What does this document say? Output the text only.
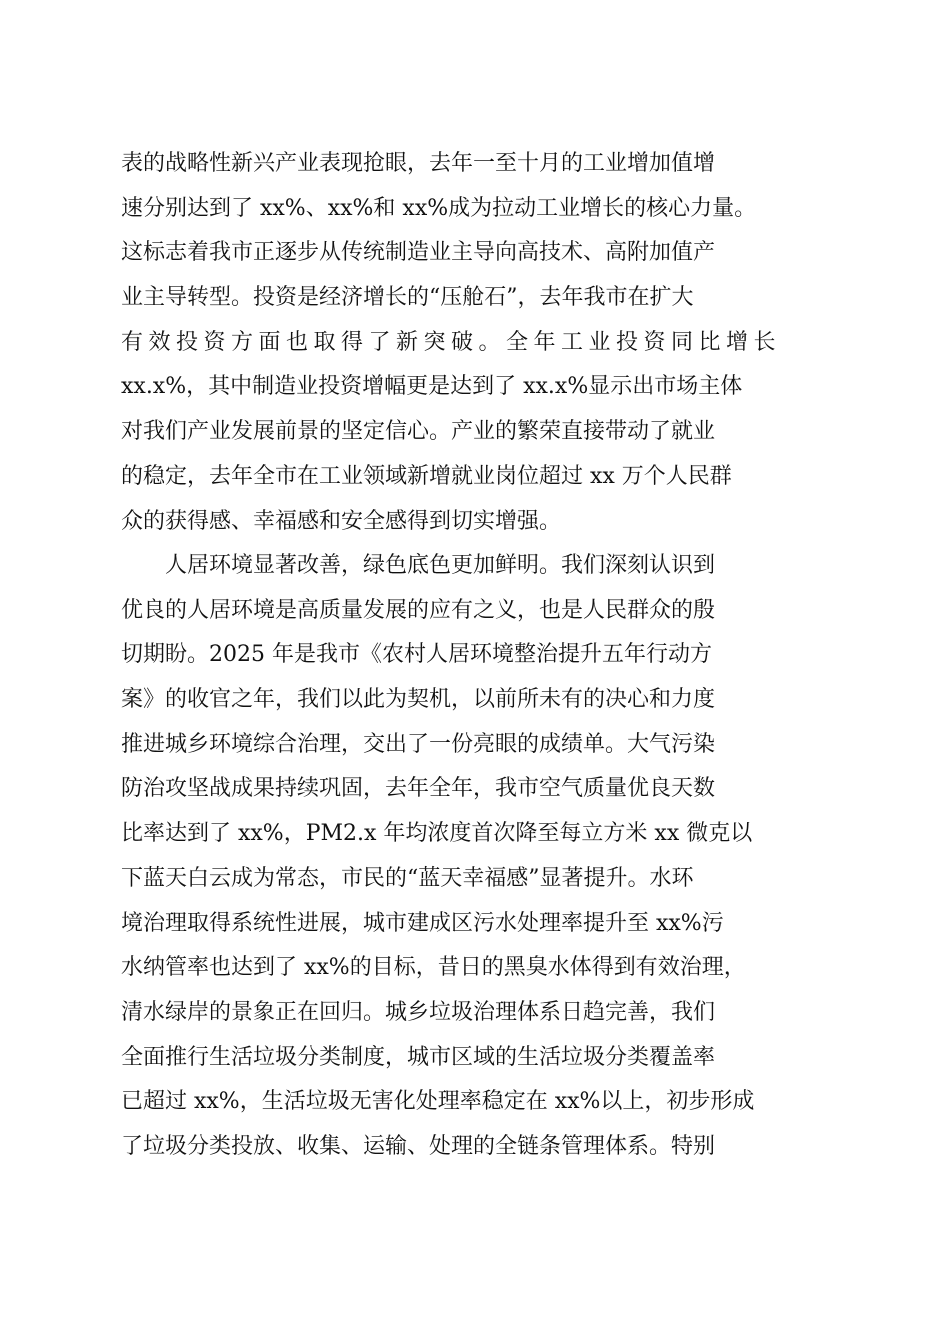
表的战略性新兴产业表现抢眼，去年一至十月的工业增加值增
速分别达到了 xx%、xx%和 xx%成为拉动工业增长的核心力量。
这标志着我市正逐步从传统制造业主导向高技术、高附加值产
业主导转型。投资是经济增长的“压舱石”，去年我市在扩大
有效投资方面也取得了新突破。全年工业投资同比增长
xx.x%，其中制造业投资增幅更是达到了 xx.x%显示出市场主体
对我们产业发展前景的坚定信心。产业的繁荣直接带动了就业
的稳定，去年全市在工业领域新增就业岗位超过 xx 万个人民群
众的获得感、幸福感和安全感得到切实增强。
人居环境显著改善，绿色底色更加鲜明。我们深刻认识到
优良的人居环境是高质量发展的应有之义，也是人民群众的殷
切期盼。2025 年是我市《农村人居环境整治提升五年行动方
案》的收官之年，我们以此为契机，以前所未有的决心和力度
推进城乡环境综合治理，交出了一份亮眼的成绩单。大气污染
防治攻坚战成果持续巩固，去年全年，我市空气质量优良天数
比率达到了 xx%，PM2.x 年均浓度首次降至每立方米 xx 微克以
下蓝天白云成为常态，市民的“蓝天幸福感”显著提升。水环
境治理取得系统性进展，城市建成区污水处理率提升至 xx%污
水纳管率也达到了 xx%的目标，昔日的黑臭水体得到有效治理，
清水绿岸的景象正在回归。城乡垃圾治理体系日趋完善，我们
全面推行生活垃圾分类制度，城市区域的生活垃圾分类覆盖率
已超过 xx%，生活垃圾无害化处理率稳定在 xx%以上，初步形成
了垃圾分类投放、收集、运输、处理的全链条管理体系。特别
